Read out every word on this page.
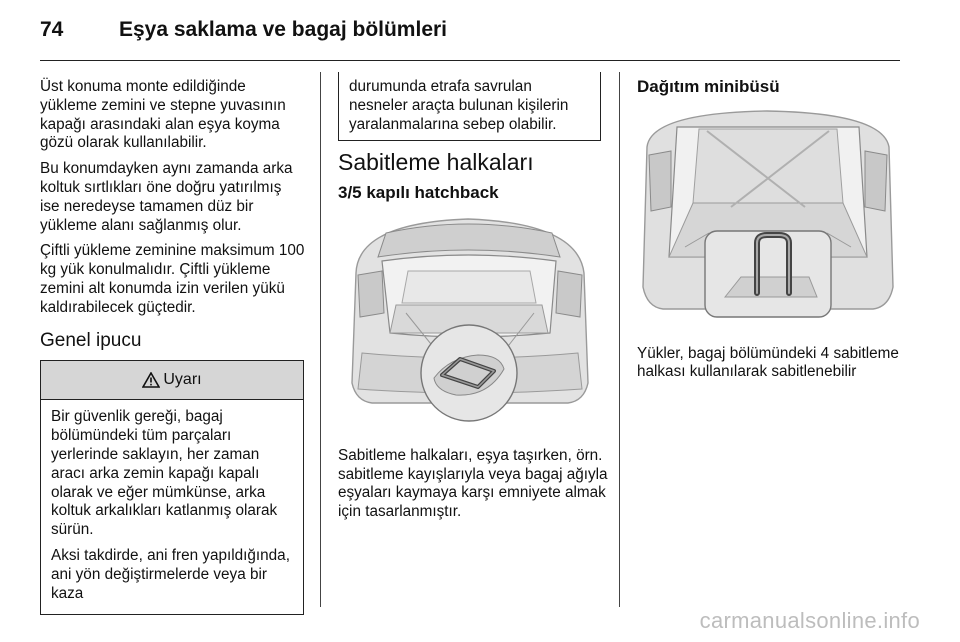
74	Eşya saklama ve bagaj bölümleri

Üst konuma monte edildiğinde yükleme zemini ve stepne yuvasının kapağı arasındaki alan eşya koyma gözü olarak kullanılabilir.

Bu konumdayken aynı zamanda arka koltuk sırtlıkları öne doğru yatırılmış ise neredeyse tamamen düz bir yükleme alanı sağlanmış olur.

Çiftli yükleme zeminine maksimum 100 kg yük konulmalıdır. Çiftli yükleme zemini alt konumda izin verilen yükü kaldırabilecek güçtedir.

Genel ipucu
Uyarı

Bir güvenlik gereği, bagaj bölümündeki tüm parçaları yerlerinde saklayın, her zaman aracı arka zemin kapağı kapalı olarak ve eğer mümkünse, arka koltuk arkalıkları katlanmış olarak sürün.

Aksi takdirde, ani fren yapıldığında, ani yön değiştirmelerde veya bir kaza

durumunda etrafa savrulan nesneler araçta bulunan kişilerin yaralanmalarına sebep olabilir.

Sabitleme halkaları
3/5 kapılı hatchback

Sabitleme halkaları, eşya taşırken, örn. sabitleme kayışlarıyla veya bagaj ağıyla eşyaları kaymaya karşı emniyete almak için tasarlanmıştır.

Dağıtım minibüsü

Yükler, bagaj bölümündeki 4 sabitleme halkası kullanılarak sabitlenebilir

carmanualsonline.info
